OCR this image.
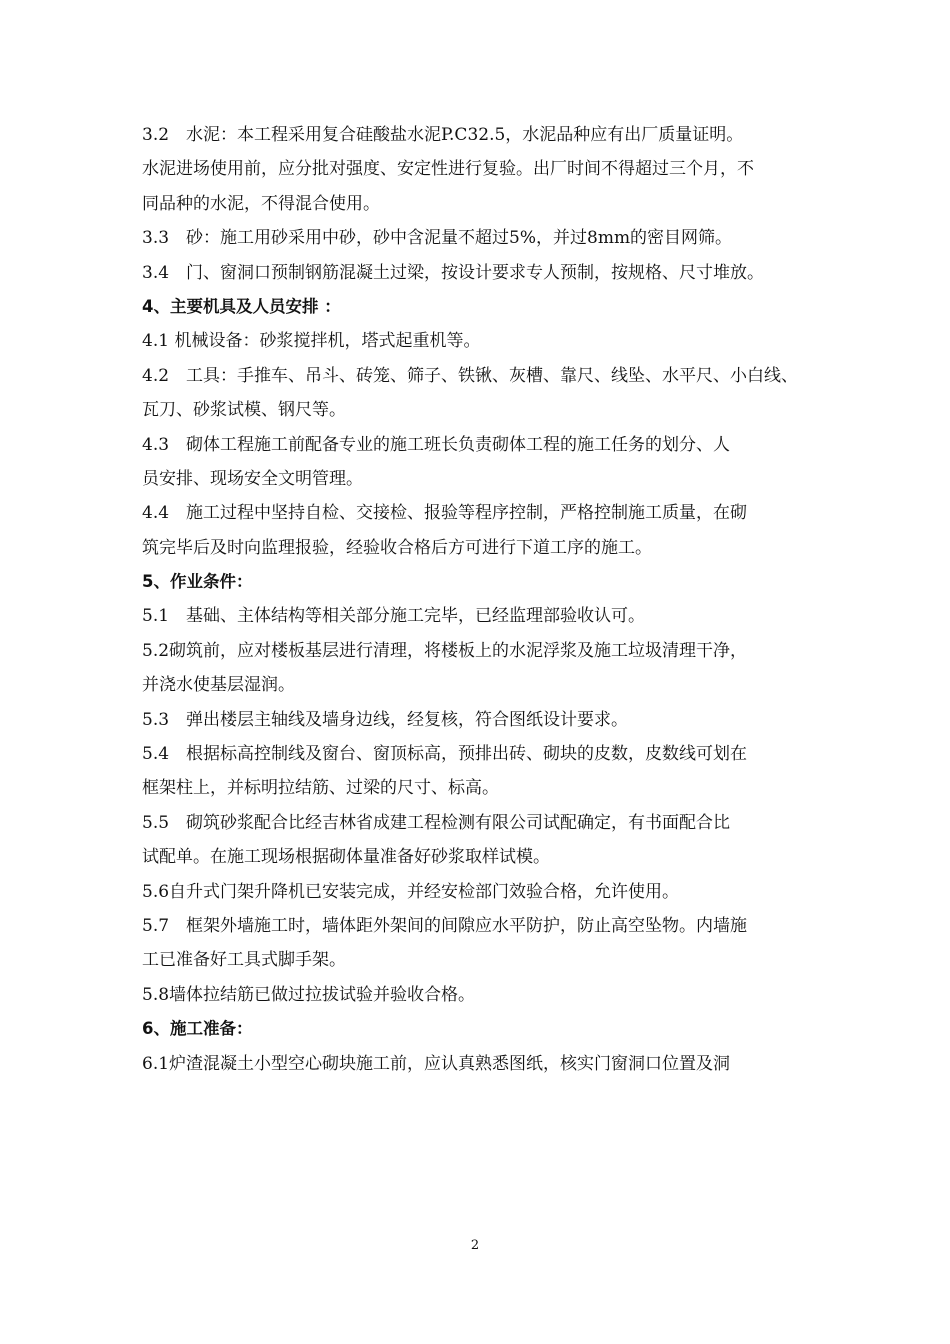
3.2　水泥：本工程采用复合硅酸盐水泥P.C32.5，水泥品种应有出厂质量证明。
水泥进场使用前，应分批对强度、安定性进行复验。出厂时间不得超过三个月，不
同品种的水泥，不得混合使用。
3.3　砂：施工用砂采用中砂，砂中含泥量不超过5%，并过8mm的密目网筛。
3.4　门、窗洞口预制钢筋混凝土过梁，按设计要求专人预制，按规格、尺寸堆放。
4、主要机具及人员安排 ：
4.1 机械设备：砂浆搅拌机，塔式起重机等。
4.2　工具：手推车、吊斗、砖笼、筛子、铁锹、灰槽、靠尺、线坠、水平尺、小白线、
瓦刀、砂浆试模、钢尺等。
4.3　砌体工程施工前配备专业的施工班长负责砌体工程的施工任务的划分、人
员安排、现场安全文明管理。
4.4　施工过程中坚持自检、交接检、报验等程序控制，严格控制施工质量，在砌
筑完毕后及时向监理报验，经验收合格后方可进行下道工序的施工。
5、作业条件：
5.1　基础、主体结构等相关部分施工完毕，已经监理部验收认可。
5.2砌筑前，应对楼板基层进行清理，将楼板上的水泥浮浆及施工垃圾清理干净，
并浇水使基层湿润。
5.3　弹出楼层主轴线及墙身边线，经复核，符合图纸设计要求。
5.4　根据标高控制线及窗台、窗顶标高，预排出砖、砌块的皮数，皮数线可划在
框架柱上，并标明拉结筋、过梁的尺寸、标高。
5.5　砌筑砂浆配合比经吉林省成建工程检测有限公司试配确定，有书面配合比
试配单。在施工现场根据砌体量准备好砂浆取样试模。
5.6自升式门架升降机已安装完成，并经安检部门效验合格，允许使用。
5.7　框架外墙施工时，墙体距外架间的间隙应水平防护，防止高空坠物。内墙施
工已准备好工具式脚手架。
5.8墙体拉结筋已做过拉拔试验并验收合格。
6、施工准备：
6.1炉渣混凝土小型空心砌块施工前，应认真熟悉图纸，核实门窗洞口位置及洞
2
